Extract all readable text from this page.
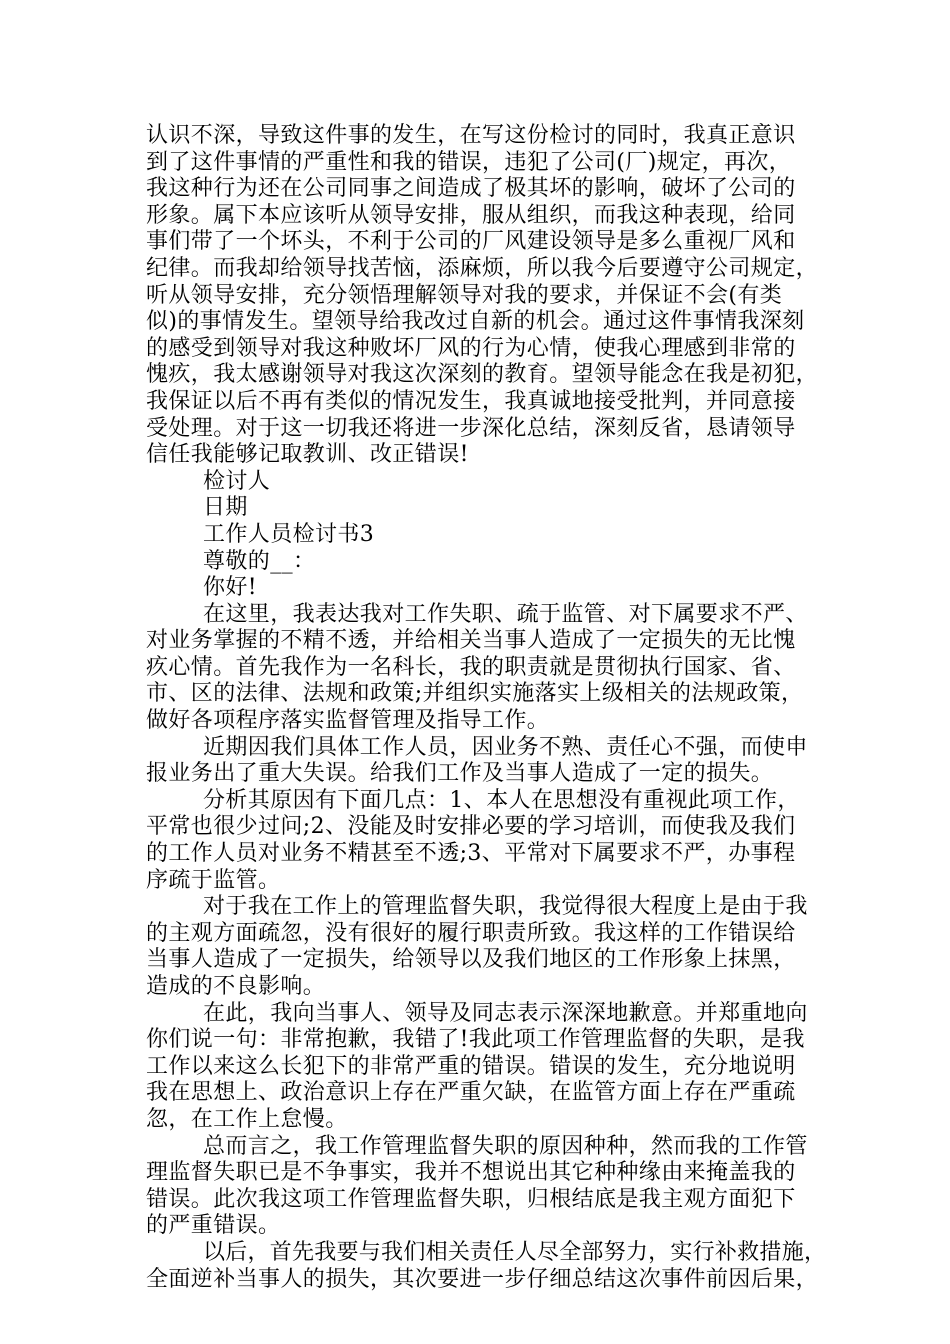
认识不深，导致这件事的发生，在写这份检讨的同时，我真正意识
到了这件事情的严重性和我的错误，违犯了公司(厂)规定，再次，
我这种行为还在公司同事之间造成了极其坏的影响，破坏了公司的
形象。属下本应该听从领导安排，服从组织，而我这种表现，给同
事们带了一个坏头，不利于公司的厂风建设领导是多么重视厂风和
纪律。而我却给领导找苦恼，添麻烦，所以我今后要遵守公司规定，
听从领导安排，充分领悟理解领导对我的要求，并保证不会(有类
似)的事情发生。望领导给我改过自新的机会。通过这件事情我深刻
的感受到领导对我这种败坏厂风的行为心情，使我心理感到非常的
愧疚，我太感谢领导对我这次深刻的教育。望领导能念在我是初犯，
我保证以后不再有类似的情况发生，我真诚地接受批判，并同意接
受处理。对于这一切我还将进一步深化总结，深刻反省，恳请领导
信任我能够记取教训、改正错误!
检讨人
日期
工作人员检讨书3
尊敬的__：
你好!
在这里，我表达我对工作失职、疏于监管、对下属要求不严、
对业务掌握的不精不透，并给相关当事人造成了一定损失的无比愧
疚心情。首先我作为一名科长，我的职责就是贯彻执行国家、省、
市、区的法律、法规和政策;并组织实施落实上级相关的法规政策，
做好各项程序落实监督管理及指导工作。
近期因我们具体工作人员，因业务不熟、责任心不强，而使申
报业务出了重大失误。给我们工作及当事人造成了一定的损失。
分析其原因有下面几点：1、本人在思想没有重视此项工作，
平常也很少过问;2、没能及时安排必要的学习培训，而使我及我们
的工作人员对业务不精甚至不透;3、平常对下属要求不严，办事程
序疏于监管。
对于我在工作上的管理监督失职，我觉得很大程度上是由于我
的主观方面疏忽，没有很好的履行职责所致。我这样的工作错误给
当事人造成了一定损失，给领导以及我们地区的工作形象上抹黑，
造成的不良影响。
在此，我向当事人、领导及同志表示深深地歉意。并郑重地向
你们说一句：非常抱歉，我错了!我此项工作管理监督的失职，是我
工作以来这么长犯下的非常严重的错误。错误的发生，充分地说明
我在思想上、政治意识上存在严重欠缺，在监管方面上存在严重疏
忽，在工作上怠慢。
总而言之，我工作管理监督失职的原因种种，然而我的工作管
理监督失职已是不争事实，我并不想说出其它种种缘由来掩盖我的
错误。此次我这项工作管理监督失职，归根结底是我主观方面犯下
的严重错误。
以后，首先我要与我们相关责任人尽全部努力，实行补救措施，
全面逆补当事人的损失，其次要进一步仔细总结这次事件前因后果，
